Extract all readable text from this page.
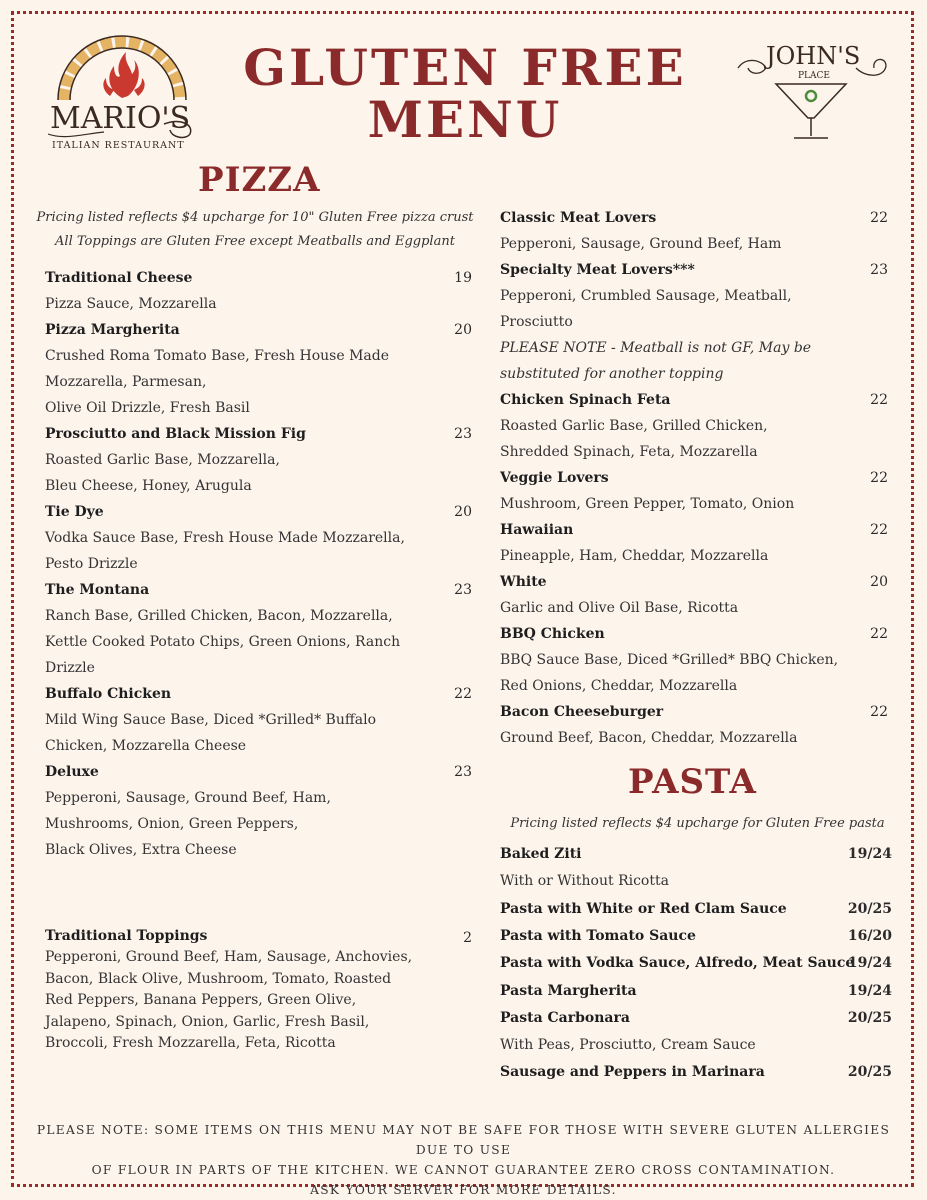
MARIO'S
ITALIAN RESTAURANT
GLUTEN FREE
MENU
JOHN'S
PLACE
PIZZA
Pricing listed reflects $4 upcharge for 10" Gluten Free pizza crust
All Toppings are Gluten Free except Meatballs and Eggplant
Traditional Cheese	19
Pizza Sauce, Mozzarella
Pizza Margherita	20
Crushed Roma Tomato Base, Fresh House Made
Mozzarella, Parmesan,
Olive Oil Drizzle, Fresh Basil
Prosciutto and Black Mission Fig	23
Roasted Garlic Base, Mozzarella,
Bleu Cheese, Honey, Arugula
Tie Dye	20
Vodka Sauce Base, Fresh House Made Mozzarella,
Pesto Drizzle
The Montana	23
Ranch Base, Grilled Chicken, Bacon, Mozzarella,
Kettle Cooked Potato Chips, Green Onions, Ranch
Drizzle
Buffalo Chicken	22
Mild Wing Sauce Base, Diced *Grilled* Buffalo
Chicken, Mozzarella Cheese
Deluxe	23
Pepperoni, Sausage, Ground Beef, Ham,
Mushrooms, Onion, Green Peppers,
Black Olives, Extra Cheese
Classic Meat Lovers	22
Pepperoni, Sausage, Ground Beef, Ham
Specialty Meat Lovers***	23
Pepperoni, Crumbled Sausage, Meatball,
Prosciutto
PLEASE NOTE - Meatball is not GF, May be
substituted for another topping
Chicken Spinach Feta	22
Roasted Garlic Base, Grilled Chicken,
Shredded Spinach, Feta, Mozzarella
Veggie Lovers	22
Mushroom, Green Pepper, Tomato, Onion
Hawaiian	22
Pineapple, Ham, Cheddar, Mozzarella
White	20
Garlic and Olive Oil Base, Ricotta
BBQ Chicken	22
BBQ Sauce Base, Diced *Grilled* BBQ Chicken,
Red Onions, Cheddar, Mozzarella
Bacon Cheeseburger	22
Ground Beef, Bacon, Cheddar, Mozzarella
Traditional Toppings	2
Pepperoni, Ground Beef, Ham, Sausage, Anchovies,
Bacon, Black Olive, Mushroom, Tomato, Roasted
Red Peppers, Banana Peppers, Green Olive,
Jalapeno, Spinach, Onion, Garlic, Fresh Basil,
Broccoli, Fresh Mozzarella, Feta, Ricotta
PASTA
Pricing listed reflects $4 upcharge for Gluten Free pasta
Baked Ziti	19/24
With or Without Ricotta
Pasta with White or Red Clam Sauce	20/25
Pasta with Tomato Sauce	16/20
Pasta with Vodka Sauce, Alfredo, Meat Sauce
19/24
Pasta Margherita	19/24
Pasta Carbonara	20/25
With Peas, Prosciutto, Cream Sauce
Sausage and Peppers in Marinara	20/25
PLEASE NOTE: SOME ITEMS ON THIS MENU MAY NOT BE SAFE FOR THOSE WITH SEVERE GLUTEN ALLERGIES DUE TO USE
OF FLOUR IN PARTS OF THE KITCHEN. WE CANNOT GUARANTEE ZERO CROSS CONTAMINATION.
ASK YOUR SERVER FOR MORE DETAILS.
